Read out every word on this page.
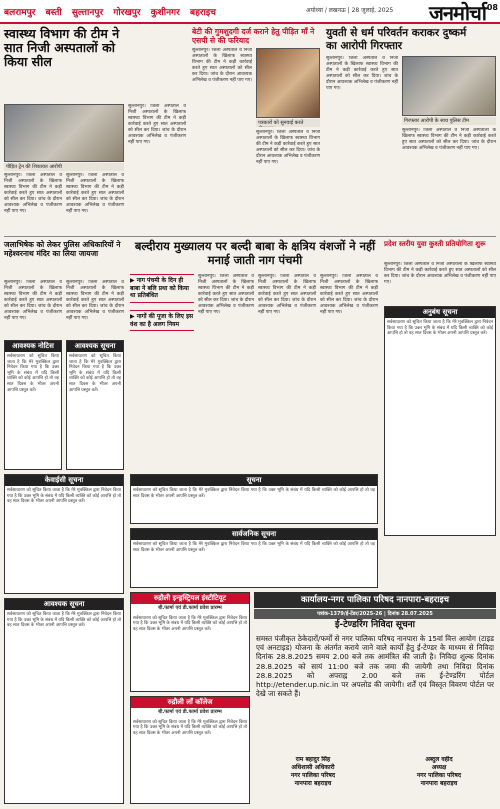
बलरामपुर बस्ती सुल्तानपुर गोरखपुर कुशीनगर बहराइच	अयोध्या / लखनऊ | 28 जुलाई, 2025 जनमोर्चा 08
स्वास्थ्य विभाग की टीम ने सात निजी अस्पतालों को किया सील
पीड़ित ट्रेन की शिकायत आरोपी
सुल्तानपुर। जिला अस्पताल व निजी अस्पतालों के खिलाफ स्वास्थ्य विभाग की टीम ने कड़ी कार्रवाई करते हुए सात अस्पतालों को सील कर दिया। जांच के दौरान आवश्यक अभिलेख व पंजीकरण नहीं पाए गए।
सुल्तानपुर। जिला अस्पताल व निजी अस्पतालों के खिलाफ स्वास्थ्य विभाग की टीम ने कड़ी कार्रवाई करते हुए सात अस्पतालों को सील कर दिया। जांच के दौरान आवश्यक अभिलेख व पंजीकरण नहीं पाए गए।
सुल्तानपुर। जिला अस्पताल व निजी अस्पतालों के खिलाफ स्वास्थ्य विभाग की टीम ने कड़ी कार्रवाई करते हुए सात अस्पतालों को सील कर दिया। जांच के दौरान आवश्यक अभिलेख व पंजीकरण नहीं पाए गए।
बेटी की गुमशुदगी दर्ज कराने हेतु पीड़ित माँ ने एसपी से की फरियाद
पत्रकारों को सुनवाई करते
सुल्तानपुर। जिला अस्पताल व निजी अस्पतालों के खिलाफ स्वास्थ्य विभाग की टीम ने कड़ी कार्रवाई करते हुए सात अस्पतालों को सील कर दिया। जांच के दौरान आवश्यक अभिलेख व पंजीकरण नहीं पाए गए।
सुल्तानपुर। जिला अस्पताल व निजी अस्पतालों के खिलाफ स्वास्थ्य विभाग की टीम ने कड़ी कार्रवाई करते हुए सात अस्पतालों को सील कर दिया। जांच के दौरान आवश्यक अभिलेख व पंजीकरण नहीं पाए गए।
युवती से धर्म परिवर्तन कराकर दुष्कर्म का आरोपी गिरफ्तार
गिरफ्तार आरोपी के साथ पुलिस टीम
सुल्तानपुर। जिला अस्पताल व निजी अस्पतालों के खिलाफ स्वास्थ्य विभाग की टीम ने कड़ी कार्रवाई करते हुए सात अस्पतालों को सील कर दिया। जांच के दौरान आवश्यक अभिलेख व पंजीकरण नहीं पाए गए।
सुल्तानपुर। जिला अस्पताल व निजी अस्पतालों के खिलाफ स्वास्थ्य विभाग की टीम ने कड़ी कार्रवाई करते हुए सात अस्पतालों को सील कर दिया। जांच के दौरान आवश्यक अभिलेख व पंजीकरण नहीं पाए गए।
जलाभिषेक को लेकर पुलिस अधिकारियों ने महेश्वरनाथ मंदिर का लिया जायजा
सुल्तानपुर। जिला अस्पताल व निजी अस्पतालों के खिलाफ स्वास्थ्य विभाग की टीम ने कड़ी कार्रवाई करते हुए सात अस्पतालों को सील कर दिया। जांच के दौरान आवश्यक अभिलेख व पंजीकरण नहीं पाए गए।
सुल्तानपुर। जिला अस्पताल व निजी अस्पतालों के खिलाफ स्वास्थ्य विभाग की टीम ने कड़ी कार्रवाई करते हुए सात अस्पतालों को सील कर दिया। जांच के दौरान आवश्यक अभिलेख व पंजीकरण नहीं पाए गए।
बल्दीराय मुख्यालय पर बल्दी बाबा के क्षत्रिय वंशजों ने नहीं मनाई जाती नाग पंचमी
▶ नाग पंचमी के दिन ही बाबा ने बलि प्रथा को किया था प्रतिबंधित
▶ नागों की पूजा के लिए इस वंश का है अलग नियम
सुल्तानपुर। जिला अस्पताल व निजी अस्पतालों के खिलाफ स्वास्थ्य विभाग की टीम ने कड़ी कार्रवाई करते हुए सात अस्पतालों को सील कर दिया। जांच के दौरान आवश्यक अभिलेख व पंजीकरण नहीं पाए गए।
सुल्तानपुर। जिला अस्पताल व निजी अस्पतालों के खिलाफ स्वास्थ्य विभाग की टीम ने कड़ी कार्रवाई करते हुए सात अस्पतालों को सील कर दिया। जांच के दौरान आवश्यक अभिलेख व पंजीकरण नहीं पाए गए।
सुल्तानपुर। जिला अस्पताल व निजी अस्पतालों के खिलाफ स्वास्थ्य विभाग की टीम ने कड़ी कार्रवाई करते हुए सात अस्पतालों को सील कर दिया। जांच के दौरान आवश्यक अभिलेख व पंजीकरण नहीं पाए गए।
प्रदेश स्तरीय युवा कुश्ती प्रतियोगिता शुरू
सुल्तानपुर। जिला अस्पताल व निजी अस्पतालों के खिलाफ स्वास्थ्य विभाग की टीम ने कड़ी कार्रवाई करते हुए सात अस्पतालों को सील कर दिया। जांच के दौरान आवश्यक अभिलेख व पंजीकरण नहीं पाए गए।
आवश्यक नोटिस
सर्वसाधारण को सूचित किया जाता है कि मेरे मुवक्किल द्वारा निवेदन किया गया है कि उक्त भूमि के संबंध में यदि किसी व्यक्ति को कोई आपत्ति हो तो वह सात दिवस के भीतर अपनी आपत्ति प्रस्तुत करें।
आवश्यक सूचना
सर्वसाधारण को सूचित किया जाता है कि मेरे मुवक्किल द्वारा निवेदन किया गया है कि उक्त भूमि के संबंध में यदि किसी व्यक्ति को कोई आपत्ति हो तो वह सात दिवस के भीतर अपनी आपत्ति प्रस्तुत करें।
सूचना
सर्वसाधारण को सूचित किया जाता है कि मेरे मुवक्किल द्वारा निवेदन किया गया है कि उक्त भूमि के संबंध में यदि किसी व्यक्ति को कोई आपत्ति हो तो वह सात दिवस के भीतर अपनी आपत्ति प्रस्तुत करें।
सार्वजनिक सूचना
सर्वसाधारण को सूचित किया जाता है कि मेरे मुवक्किल द्वारा निवेदन किया गया है कि उक्त भूमि के संबंध में यदि किसी व्यक्ति को कोई आपत्ति हो तो वह सात दिवस के भीतर अपनी आपत्ति प्रस्तुत करें।
अनुबंध सूचना
सर्वसाधारण को सूचित किया जाता है कि मेरे मुवक्किल द्वारा निवेदन किया गया है कि उक्त भूमि के संबंध में यदि किसी व्यक्ति को कोई आपत्ति हो तो वह सात दिवस के भीतर अपनी आपत्ति प्रस्तुत करें।
केवाईसी सूचना
सर्वसाधारण को सूचित किया जाता है कि मेरे मुवक्किल द्वारा निवेदन किया गया है कि उक्त भूमि के संबंध में यदि किसी व्यक्ति को कोई आपत्ति हो तो वह सात दिवस के भीतर अपनी आपत्ति प्रस्तुत करें।
आवश्यक सूचना
सर्वसाधारण को सूचित किया जाता है कि मेरे मुवक्किल द्वारा निवेदन किया गया है कि उक्त भूमि के संबंध में यदि किसी व्यक्ति को कोई आपत्ति हो तो वह सात दिवस के भीतर अपनी आपत्ति प्रस्तुत करें।
रुद्रौली इन्ड्रस्ट्रियल इंस्टीटियूट
बी.फार्मा एवं डी.फार्मा प्रवेश प्रारम्भ
सर्वसाधारण को सूचित किया जाता है कि मेरे मुवक्किल द्वारा निवेदन किया गया है कि उक्त भूमि के संबंध में यदि किसी व्यक्ति को कोई आपत्ति हो तो वह सात दिवस के भीतर अपनी आपत्ति प्रस्तुत करें।
रुद्रौली लाँ कॉलेज
बी.फार्मा एवं डी.फार्मा प्रवेश प्रारम्भ
सर्वसाधारण को सूचित किया जाता है कि मेरे मुवक्किल द्वारा निवेदन किया गया है कि उक्त भूमि के संबंध में यदि किसी व्यक्ति को कोई आपत्ति हो तो वह सात दिवस के भीतर अपनी आपत्ति प्रस्तुत करें।
कार्यालय-नगर पालिका परिषद नानपारा-बहराइच
पत्रांक-1379/ई-टेंडर/2025-26 | दिनांक 28.07.2025
ई-टेण्डरिंग निविदा सूचना
समस्त पंजीकृत ठेकेदारों/फर्मों से नगर पालिका परिषद नानपारा के 15वां वित्त आयोग (टाइड एवं अनटाइड) योजना के अंतर्गत कराये जाने वाले कार्यों हेतु ई-टेण्डर के माध्यम से निविदा दिनांक 28.8.2025 समय 2.00 बजे तक आमंत्रित की जाती है। निविदा शुल्क दिनांक 28.8.2025 को सायं 11:00 बजे तक जमा की जायेगी तथा निविदा दिनांक 28.8.2025 को अपराह्न 2.00 बजे तक ई-टेण्डरिंग पोर्टल http://etender.up.nic.in पर अपलोड की जायेगी। शर्तें एवं विस्तृत विवरण पोर्टल पर देखे जा सकते हैं।
राम बहादुर सिंह
अधिशासी अधिकारी
नगर पालिका परिषद
नानपारा बहराइच
अब्दुल वहीद
अध्यक्ष
नगर पालिका परिषद
नानपारा बहराइच
